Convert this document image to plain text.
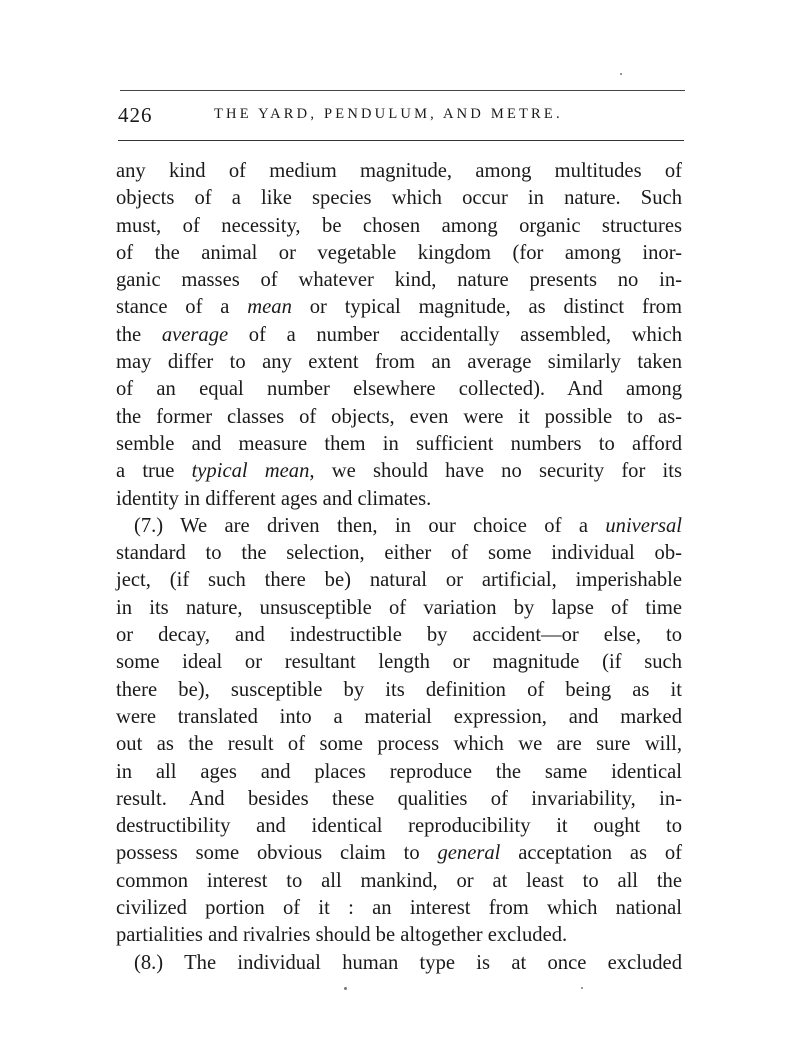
426	THE YARD, PENDULUM, AND METRE.
any kind of medium magnitude, among multitudes of
objects of a like species which occur in nature. Such
must, of necessity, be chosen among organic structures
of the animal or vegetable kingdom (for among inor-
ganic masses of whatever kind, nature presents no in-
stance of a mean or typical magnitude, as distinct from
the average of a number accidentally assembled, which
may differ to any extent from an average similarly taken
of an equal number elsewhere collected). And among
the former classes of objects, even were it possible to as-
semble and measure them in sufficient numbers to afford
a true typical mean, we should have no security for its
identity in different ages and climates.
(7.) We are driven then, in our choice of a universal
standard to the selection, either of some individual ob-
ject, (if such there be) natural or artificial, imperishable
in its nature, unsusceptible of variation by lapse of time
or decay, and indestructible by accident—or else, to
some ideal or resultant length or magnitude (if such
there be), susceptible by its definition of being as it
were translated into a material expression, and marked
out as the result of some process which we are sure will,
in all ages and places reproduce the same identical
result. And besides these qualities of invariability, in-
destructibility and identical reproducibility it ought to
possess some obvious claim to general acceptation as of
common interest to all mankind, or at least to all the
civilized portion of it : an interest from which national
partialities and rivalries should be altogether excluded.
(8.) The individual human type is at once excluded
